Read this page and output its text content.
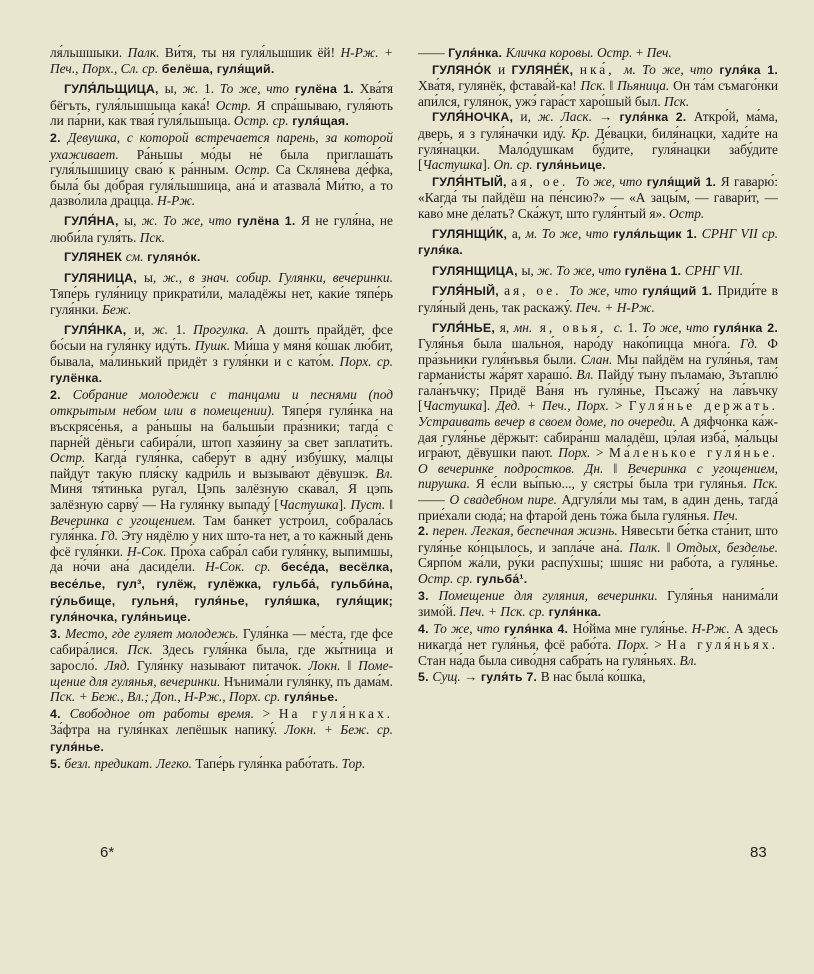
ля́льшшыки. Палк. Ви́тя, ты ня гуля́льшшик ёй! Н-Рж. + Печ., Порх., Сл. ср. белёша, гуля́щий.

ГУЛЯ́ЛЬЩИЦА, ы, ж. 1. То же, что гулёна 1. Хва́тя бёгъть, гуля́льшшыца кака́! Остр. Я спра́шываю, гуля́ють ли па́рни, как твая́ гуля́льшыца. Остр. ср. гуля́щая.

2. Девушка, с которой встречается парень, за которой ухаживает. Ра́ньшы мо́ды не́ была приглаша́ть гуля́льшшицу сваю́ к ра́нным. Остр. Са Скляне́ва де́фка, была́ бы до́брая гуля́льшшица, ана́ и атазвала́ Ми́тю, а то дазво́лила дра́цца. Н-Рж.

ГУЛЯ́НА, ы, ж. То же, что гулёна 1. Я не гуля́на, не люби́ла гуля́ть. Пск.

ГУЛЯНЕК см. гуляно́к.

ГУЛЯНИЦА, ы, ж., в знач. собир. Гулянки, вечеринки. Тяпе́рь гуля́ницу прикрати́ли, маладёжы нет, каки́е тяпе́рь гуля́нки. Беж.

ГУЛЯ́НКА, и, ж. 1. Прогулка. А дошть прайдёт, фсе бо́сыи на гуля́нку иду́ть. Пушк. Ми́ша у мяня́ ко́шак лю́бит, бывала, ма́линький придёт з гуля́нки и с като́м. Порх. ср. гулёнка.

2. Собрание молодежи с танцами и песнями (под открытым небом или в помещении). Тяпе́ря гуля́нка на въскрясе́нья, а ра́ньшы на бальшы́и пра́зники; тагда́ с парне́й дёньги сабира́ли, штоп хазя́ину за свет заплати́ть. Остр. Кагда́ гуля́нка, саберу́т в адну́ избу́шку, ма́лцы пайду́т таку́ю пля́ску кадри́ль и вызыва́ют дёвушэк. Вл. Миня́ тя́тинька руга́л, Цэпь залёзную скава́л, Я цэпь залёзную сарву́ — На гуля́нку выпаду́ [Частушка]. Пуст. ‖ Вечеринка с угощением. Там банке́т устро́ил, собрала́сь гуля́нка. Гд. Эту нядёлю у них што-та нет, а то ка́жный день фсё гуля́нки. Н-Сок. Про́ха сабра́л саби гуля́нку, выпимшы, да но́чи ана́ дасиде́ли. Н-Сок. ср. бесе́да, весёлка, весе́лье, гул³, гулёж, гулёжка, гульба́, гульби́на, гу́льбище, гульня́, гуля́нье, гуля́шка, гуля́щик; гуля́ночка, гуля́ньице.

3. Место, где гуляет молодежь. Гуля́нка — ме́ста, где фсе сабира́лися. Пск. Здесь гуля́нка была, где жы́тница и заросло́. Ляд. Гуля́нку называ́ют питачо́к. Локн. ‖ Помещение для гулянья, вечеринки. Нънима́ли гуля́нку, пъ дама́м. Пск. + Беж., Вл.; Доп., Н-Рж., Порх. ср. гуля́нье.

4. Свободное от работы время. > На гуля́нках. За́фтра на гуля́нках лепёшык напику́. Локн. + Беж. ср. гуля́нье.

5. безл. предикат. Легко. Тапе́рь гуля́нка рабо́тать. Тор.

—— Гуля́нка. Кличка коровы. Остр. + Печ.

ГУЛЯНО́К и ГУЛЯНЕ́К, нка́, м. То же, что гуля́ка 1. Хва́тя, гулянёк, фстава́й-ка! Пск. ‖ Пьяница. Он та́м съмаго́нки апи́лся, гуляно́к, ужэ́ гара́ст харо́шый был. Пск.

ГУЛЯ́НОЧКА, и, ж. Ласк. → гуля́нка 2. Аткро́й, ма́ма, дверь, я з гуля́начки иду́. Кр. Де́вацки, биля́нацки, хади́те на гуля́нацки. Мало́душкам бу́дите, гуля́нацки забу́дите [Частушка]. Оп. ср. гуля́ньице.

ГУЛЯ́НТЫЙ, ая, ое. То же, что гуля́щий 1. Я гаварю́: «Кагда́ ты пайдёш на пе́нсию?» — «А зацы́м, — гавари́т, — каво́ мне де́лать? Ска́жут, што гуля́нтый я». Остр.

ГУЛЯНЩИ́К, а, м. То же, что гуля́льщик 1. СРНГ VII ср. гуля́ка.

ГУЛЯНЩИЦА, ы, ж. То же, что гулёна 1. СРНГ VII.

ГУЛЯ́НЫЙ, ая, ое. То же, что гуля́щий 1. Приди́те в гуля́ный день, так раскажу́. Печ. + Н-Рж.

ГУЛЯ́НЬЕ, я, мн. я, овья, с. 1. То же, что гуля́нка 2. Гуля́нья была шально́я, наро́ду нако́пицца мно́га. Гд. Ф пра́зьники гуля́нъвья были. Слан. Мы пайдём на гуля́нья, там гармани́сты жа́рят харашо́. Вл. Пайду́ тыну пълама́ю, Зътаплю́ гала́нъчку; Придё Ва́ня нъ гуля́нье, Пъсажу́ на ла́въчку [Частушка]. Дед. + Печ., Порх. > Гуля́нье держать. Устраивать вечер в своем доме, по очереди. А дяфчо́нка ка́ждая гуля́нье дёржыт: сабира́нш маладёш, цэ́лая изба́, ма́льцы игра́ют, дёвушки пают. Порх. > Ма́ленькое гуля́нье. О вечеринке подростков. Дн. ‖ Вечеринка с угощением, пирушка. Я е́сли вы́пью..., у сястры́ была три гуля́нья. Пск. —— О свадебном пире. Адгуля́ли мы там, в адин день, тагда́ прие́хали сюда́; на фтаро́й день то́жа была гуля́нья. Печ.

2. перен. Легкая, беспечная жизнь. Нявесьти бе́тка ста́нит, што гуля́нье ко́нцылось, и запла́че ана́. Палк. ‖ Отдых, безделье. Сярпо́м жа́ли, ру́ки распу́хшы; шшяс ни рабо́та, а гуля́нье. Остр. ср. гульба́¹.

3. Помещение для гуляния, вечеринки. Гуля́нья нанима́ли зимо́й. Печ. + Пск. ср. гуля́нка.

4. То же, что гуля́нка 4. Но́йма мне гуля́нье. Н-Рж. А здесь никагда́ нет гуля́нья, фсё рабо́та. Порх. > На гуля́ньях. Стан на́да была сиво́дня сабра́ть на гуля́ньях. Вл.

5. Сущ. → гуля́ть 7. В нас была́ ко́шка,

6*	83
